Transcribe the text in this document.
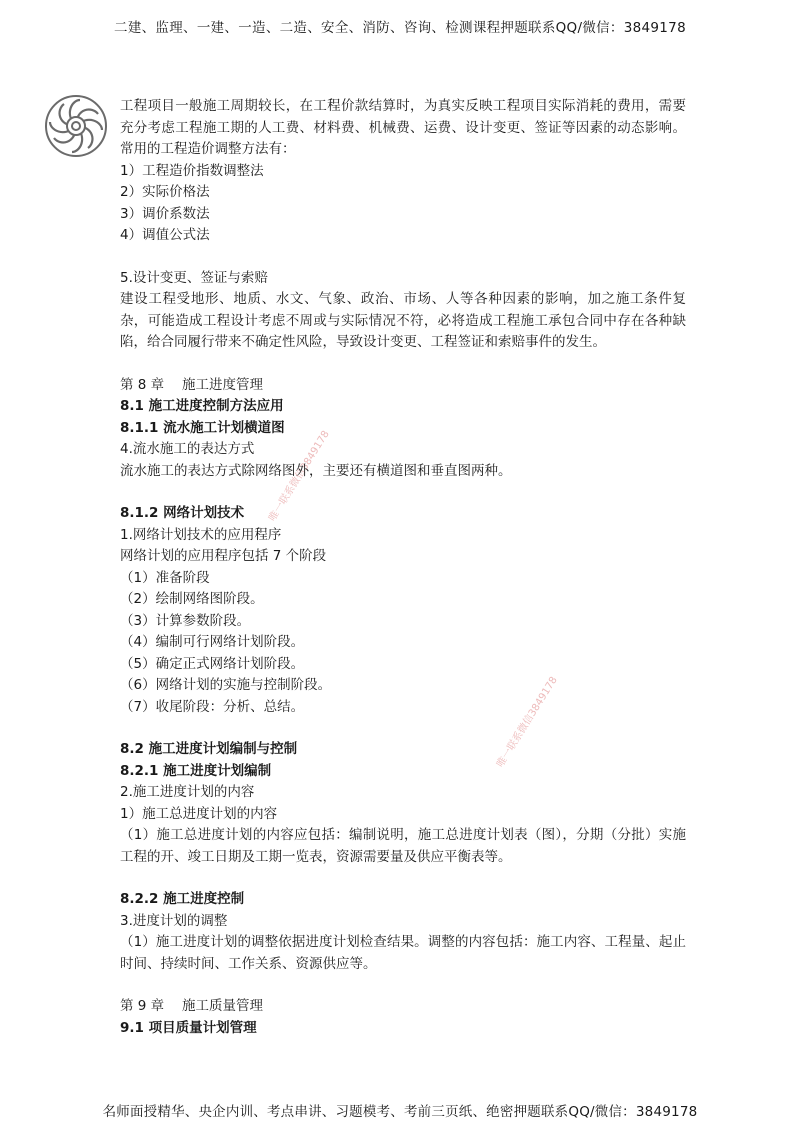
二建、监理、一建、一造、二造、安全、消防、咨询、检测课程押题联系QQ/微信：3849178
唯一联系微信3849178
唯一联系微信3849178

工程项目一般施工周期较长，在工程价款结算时，为真实反映工程项目实际消耗的费用，需要充分考虑工程施工期的人工费、材料费、机械费、运费、设计变更、签证等因素的动态影响。常用的工程造价调整方法有：

1）工程造价指数调整法

2）实际价格法

3）调价系数法

4）调值公式法

5.设计变更、签证与索赔

建设工程受地形、地质、水文、气象、政治、市场、人等各种因素的影响，加之施工条件复杂，可能造成工程设计考虑不周或与实际情况不符，必将造成工程施工承包合同中存在各种缺陷，给合同履行带来不确定性风险，导致设计变更、工程签证和索赔事件的发生。

第 8 章　 施工进度管理

8.1 施工进度控制方法应用

8.1.1 流水施工计划横道图

4.流水施工的表达方式

流水施工的表达方式除网络图外，主要还有横道图和垂直图两种。

8.1.2 网络计划技术

1.网络计划技术的应用程序

网络计划的应用程序包括 7 个阶段

（1）准备阶段

（2）绘制网络图阶段。

（3）计算参数阶段。

（4）编制可行网络计划阶段。

（5）确定正式网络计划阶段。

（6）网络计划的实施与控制阶段。

（7）收尾阶段：分析、总结。

8.2 施工进度计划编制与控制

8.2.1 施工进度计划编制

2.施工进度计划的内容

1）施工总进度计划的内容

（1）施工总进度计划的内容应包括：编制说明，施工总进度计划表（图），分期（分批）实施工程的开、竣工日期及工期一览表，资源需要量及供应平衡表等。

8.2.2 施工进度控制

3.进度计划的调整

（1）施工进度计划的调整依据进度计划检查结果。调整的内容包括：施工内容、工程量、起止时间、持续时间、工作关系、资源供应等。

第 9 章　 施工质量管理

9.1 项目质量计划管理

名师面授精华、央企内训、考点串讲、习题模考、考前三页纸、绝密押题联系QQ/微信：3849178
